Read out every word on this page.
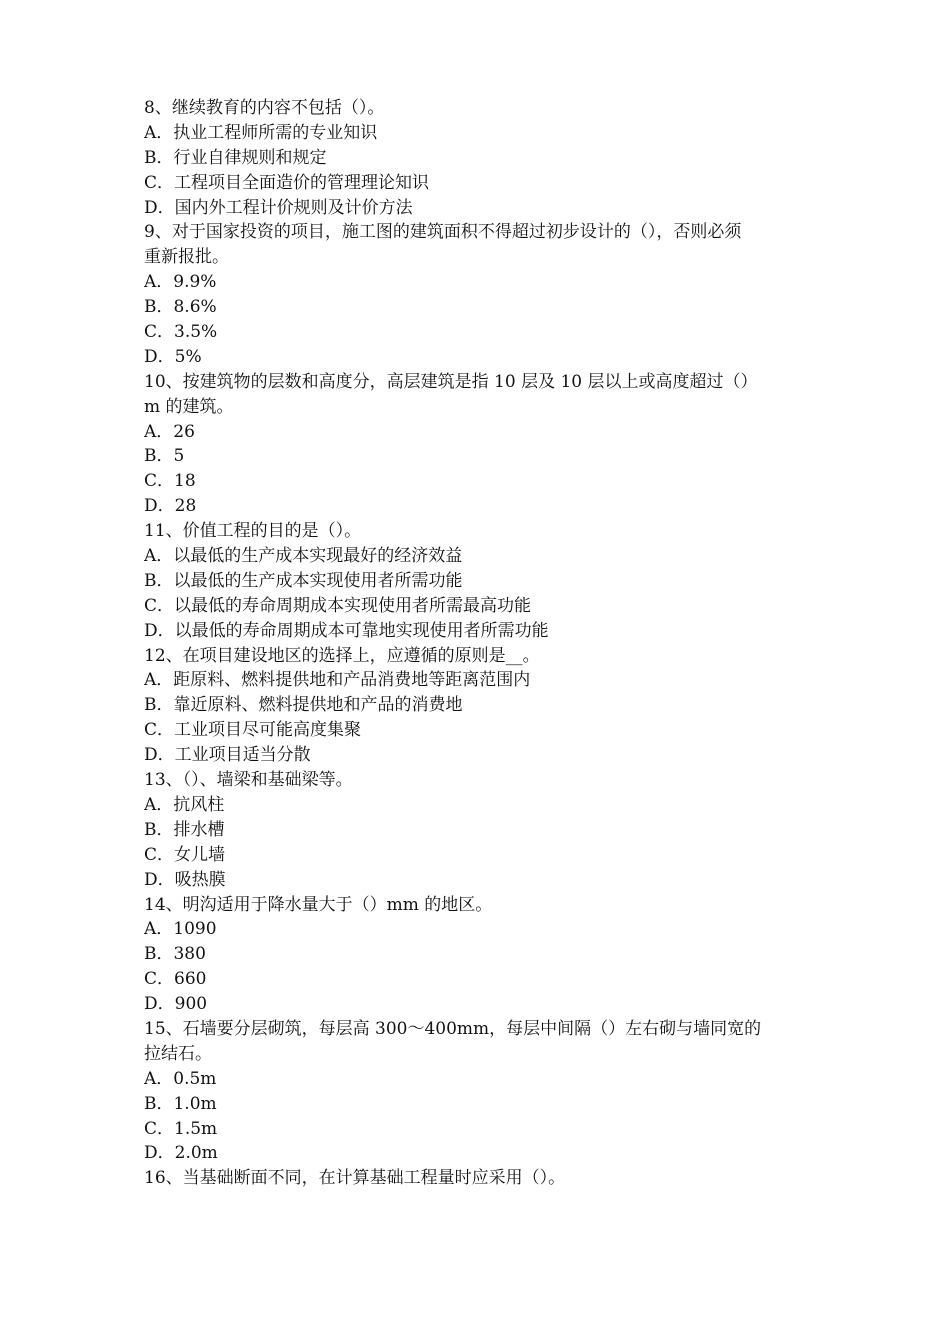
8、继续教育的内容不包括（）。
A．执业工程师所需的专业知识
B．行业自律规则和规定
C．工程项目全面造价的管理理论知识
D．国内外工程计价规则及计价方法
9、对于国家投资的项目，施工图的建筑面积不得超过初步设计的（），否则必须
重新报批。
A．9.9%
B．8.6%
C．3.5%
D．5%
10、按建筑物的层数和高度分，高层建筑是指 10 层及 10 层以上或高度超过（）
m 的建筑。
A．26
B．5
C．18
D．28
11、价值工程的目的是（）。
A．以最低的生产成本实现最好的经济效益
B．以最低的生产成本实现使用者所需功能
C．以最低的寿命周期成本实现使用者所需最高功能
D．以最低的寿命周期成本可靠地实现使用者所需功能
12、在项目建设地区的选择上，应遵循的原则是__。
A．距原料、燃料提供地和产品消费地等距离范围内
B．靠近原料、燃料提供地和产品的消费地
C．工业项目尽可能高度集聚
D．工业项目适当分散
13、（）、墙梁和基础梁等。
A．抗风柱
B．排水槽
C．女儿墙
D．吸热膜
14、明沟适用于降水量大于（）mm 的地区。
A．1090
B．380
C．660
D．900
15、石墙要分层砌筑，每层高 300～400mm，每层中间隔（）左右砌与墙同宽的
拉结石。
A．0.5m
B．1.0m
C．1.5m
D．2.0m
16、当基础断面不同，在计算基础工程量时应采用（）。
